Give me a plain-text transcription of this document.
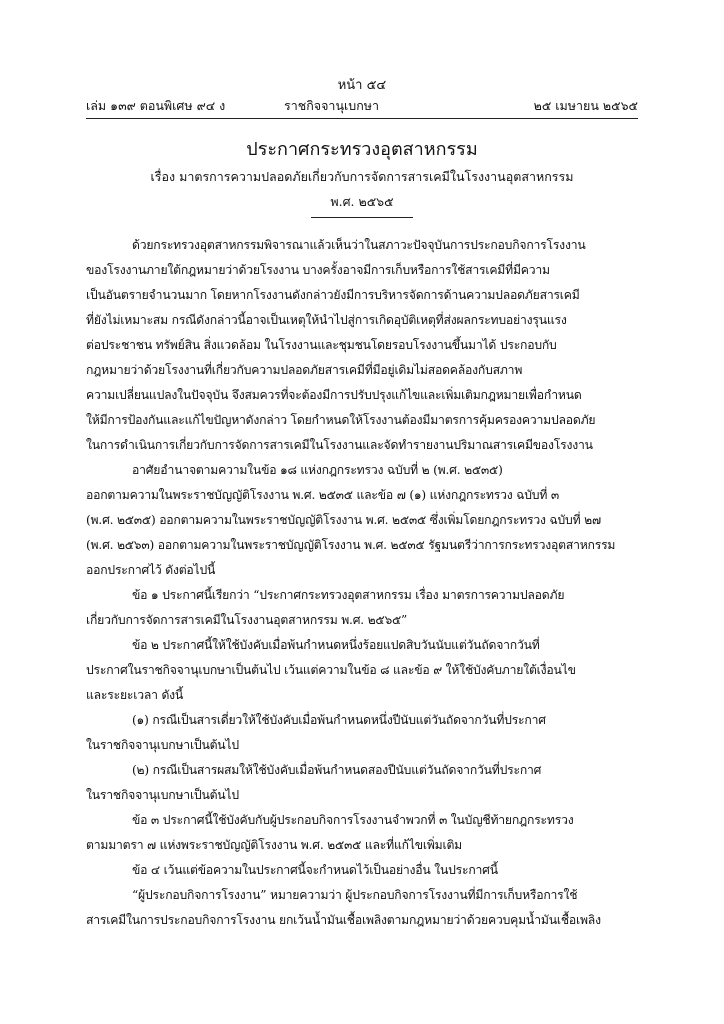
หน้า ๕๔
เล่ม ๑๓๙ ตอนพิเศษ ๙๔ ง	ราชกิจจานุเบกษา	๒๕ เมษายน ๒๕๖๕
ประกาศกระทรวงอุตสาหกรรม
เรื่อง มาตรการความปลอดภัยเกี่ยวกับการจัดการสารเคมีในโรงงานอุตสาหกรรม
พ.ศ. ๒๕๖๕
ด้วยกระทรวงอุตสาหกรรมพิจารณาแล้วเห็นว่าในสภาวะปัจจุบันการประกอบกิจการโรงงาน
ของโรงงานภายใต้กฎหมายว่าด้วยโรงงาน บางครั้งอาจมีการเก็บหรือการใช้สารเคมีที่มีความ
เป็นอันตรายจำนวนมาก โดยหากโรงงานดังกล่าวยังมีการบริหารจัดการด้านความปลอดภัยสารเคมี
ที่ยังไม่เหมาะสม กรณีดังกล่าวนี้อาจเป็นเหตุให้นำไปสู่การเกิดอุบัติเหตุที่ส่งผลกระทบอย่างรุนแรง
ต่อประชาชน ทรัพย์สิน สิ่งแวดล้อม ในโรงงานและชุมชนโดยรอบโรงงานขึ้นมาได้ ประกอบกับ
กฎหมายว่าด้วยโรงงานที่เกี่ยวกับความปลอดภัยสารเคมีที่มีอยู่เดิมไม่สอดคล้องกับสภาพ
ความเปลี่ยนแปลงในปัจจุบัน จึงสมควรที่จะต้องมีการปรับปรุงแก้ไขและเพิ่มเติมกฎหมายเพื่อกำหนด
ให้มีการป้องกันและแก้ไขปัญหาดังกล่าว โดยกำหนดให้โรงงานต้องมีมาตรการคุ้มครองความปลอดภัย
ในการดำเนินการเกี่ยวกับการจัดการสารเคมีในโรงงานและจัดทำรายงานปริมาณสารเคมีของโรงงาน
อาศัยอำนาจตามความในข้อ ๑๘ แห่งกฎกระทรวง ฉบับที่ ๒ (พ.ศ. ๒๕๓๕)
ออกตามความในพระราชบัญญัติโรงงาน พ.ศ. ๒๕๓๕ และข้อ ๗ (๑) แห่งกฎกระทรวง ฉบับที่ ๓
(พ.ศ. ๒๕๓๕) ออกตามความในพระราชบัญญัติโรงงาน พ.ศ. ๒๕๓๕ ซึ่งเพิ่มโดยกฎกระทรวง ฉบับที่ ๒๗
(พ.ศ. ๒๕๖๓) ออกตามความในพระราชบัญญัติโรงงาน พ.ศ. ๒๕๓๕ รัฐมนตรีว่าการกระทรวงอุตสาหกรรม
ออกประกาศไว้ ดังต่อไปนี้
ข้อ ๑ ประกาศนี้เรียกว่า “ประกาศกระทรวงอุตสาหกรรม เรื่อง มาตรการความปลอดภัย
เกี่ยวกับการจัดการสารเคมีในโรงงานอุตสาหกรรม พ.ศ. ๒๕๖๕”
ข้อ ๒ ประกาศนี้ให้ใช้บังคับเมื่อพ้นกำหนดหนึ่งร้อยแปดสิบวันนับแต่วันถัดจากวันที่
ประกาศในราชกิจจานุเบกษาเป็นต้นไป เว้นแต่ความในข้อ ๘ และข้อ ๙ ให้ใช้บังคับภายใต้เงื่อนไข
และระยะเวลา ดังนี้
(๑) กรณีเป็นสารเดี่ยวให้ใช้บังคับเมื่อพ้นกำหนดหนึ่งปีนับแต่วันถัดจากวันที่ประกาศ
ในราชกิจจานุเบกษาเป็นต้นไป
(๒) กรณีเป็นสารผสมให้ใช้บังคับเมื่อพ้นกำหนดสองปีนับแต่วันถัดจากวันที่ประกาศ
ในราชกิจจานุเบกษาเป็นต้นไป
ข้อ ๓ ประกาศนี้ใช้บังคับกับผู้ประกอบกิจการโรงงานจำพวกที่ ๓ ในบัญชีท้ายกฎกระทรวง
ตามมาตรา ๗ แห่งพระราชบัญญัติโรงงาน พ.ศ. ๒๕๓๕ และที่แก้ไขเพิ่มเติม
ข้อ ๔ เว้นแต่ข้อความในประกาศนี้จะกำหนดไว้เป็นอย่างอื่น ในประกาศนี้
“ผู้ประกอบกิจการโรงงาน” หมายความว่า ผู้ประกอบกิจการโรงงานที่มีการเก็บหรือการใช้
สารเคมีในการประกอบกิจการโรงงาน ยกเว้นน้ำมันเชื้อเพลิงตามกฎหมายว่าด้วยควบคุมน้ำมันเชื้อเพลิง
